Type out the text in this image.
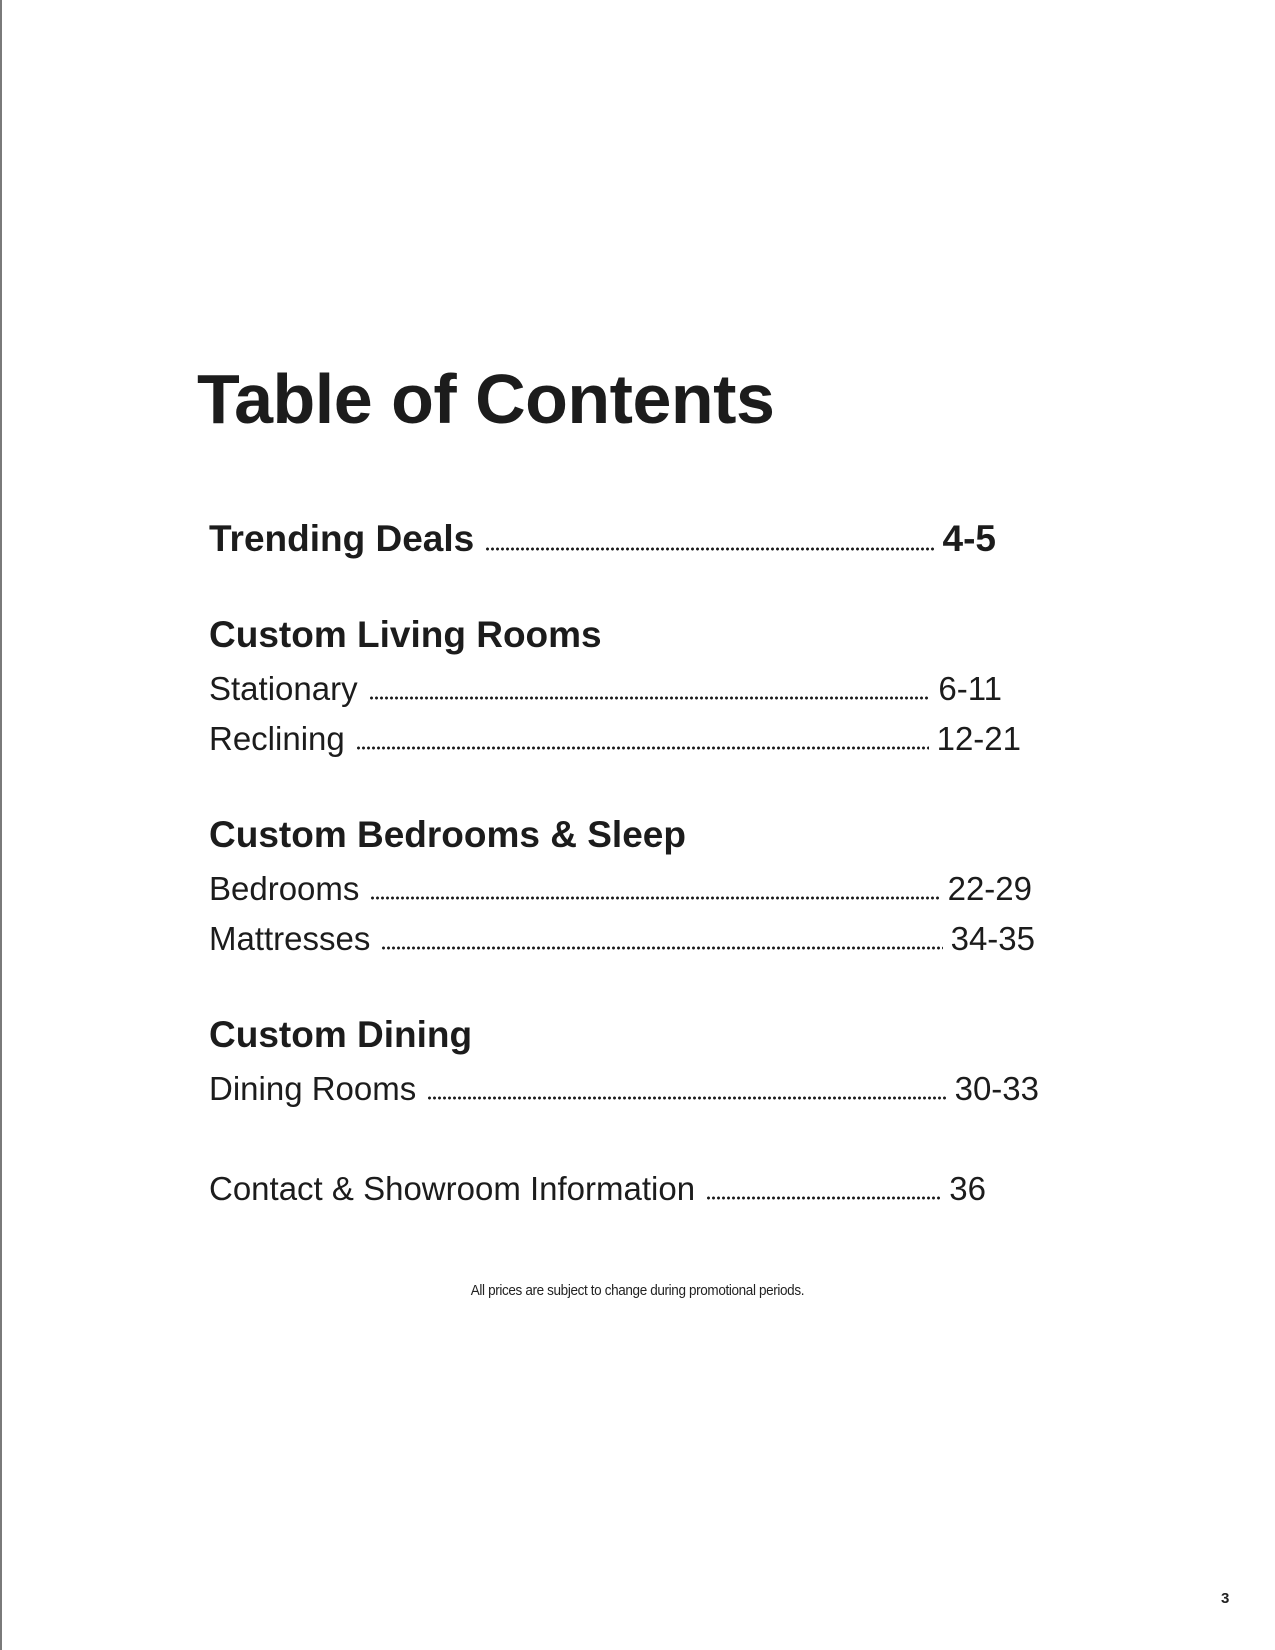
Table of Contents
Trending Deals	4-5
Custom Living Rooms
Stationary	6-11
Reclining	12-21
Custom Bedrooms & Sleep
Bedrooms	22-29
Mattresses	34-35
Custom Dining
Dining Rooms	30-33
Contact & Showroom Information	36
All prices are subject to change during promotional periods.
3
